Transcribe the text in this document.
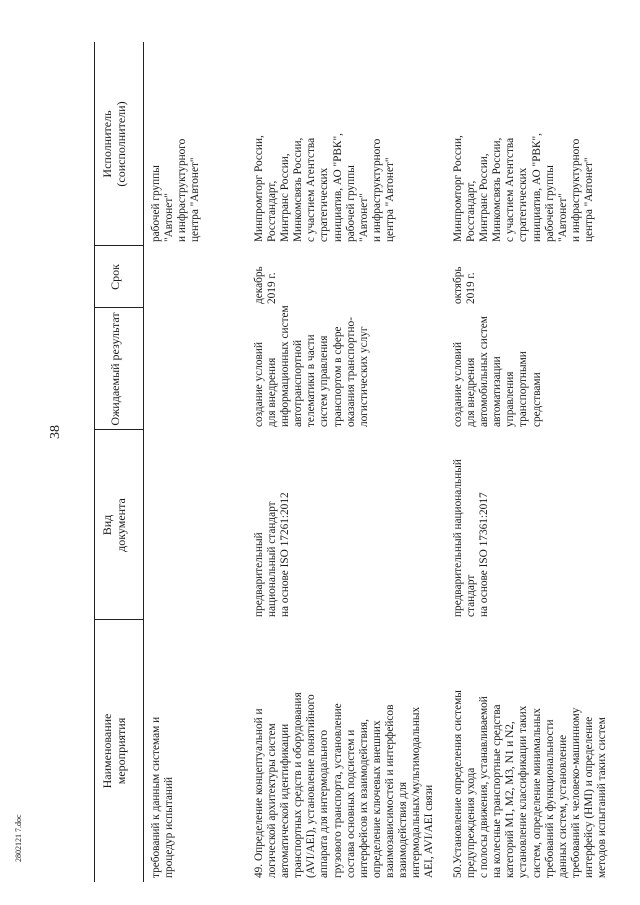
38
2802121 7.doc
Наименование мероприятия
Вид документа
Ожидаемый результат
Срок
Исполнитель (соисполнители)
требований к данным системам и процедур испытаний
рабочей группы "Автонет" и инфраструктурного центра "Автонет"
49. Определение концептуальной и логической архитектуры систем автоматической идентификации транспортных средств и оборудования (AVI/AEI), установление понятийного аппарата для интермодального грузового транспорта, установление состава основных подсистем и интерфейсов их взаимодействия, определение ключевых внешних взаимозависимостей и интерфейсов взаимодействия для интермодальных/мультимодальных AEI, AVI/AEI связи
предварительный национальный стандарт на основе ISO 17261:2012
создание условий для внедрения информационных систем автотранспортной телематики в части систем управления транспортом в сфере оказания транспортно- логистических услуг
декабрь 2019 г.
Минпромторг России, Росстандарт, Минтранс России, Минкомсвязь России, с участием Агентства стратегических инициатив, АО "РВК", рабочей группы "Автонет" и инфраструктурного центра "Автонет"
50.Установление определения системы предупреждения ухода с полосы движения, устанавливаемой на колесные транспортные средства категорий M1, M2, M3, N1 и N2, установление классификации таких систем, определение минимальных требований к функциональности данных систем, установление требований к человеко-машинному интерфейсу (HMI) и определение методов испытаний таких систем
предварительный национальный стандарт на основе ISO 17361:2017
создание условий для внедрения автомобильных систем автоматизации управления транспортными средствами
октябрь 2019 г.
Минпромторг России, Росстандарт, Минтранс России, Минкомсвязь России, с участием Агентства стратегических инициатив, АО "РВК", рабочей группы "Автонет" и инфраструктурного центра "Автонет"
